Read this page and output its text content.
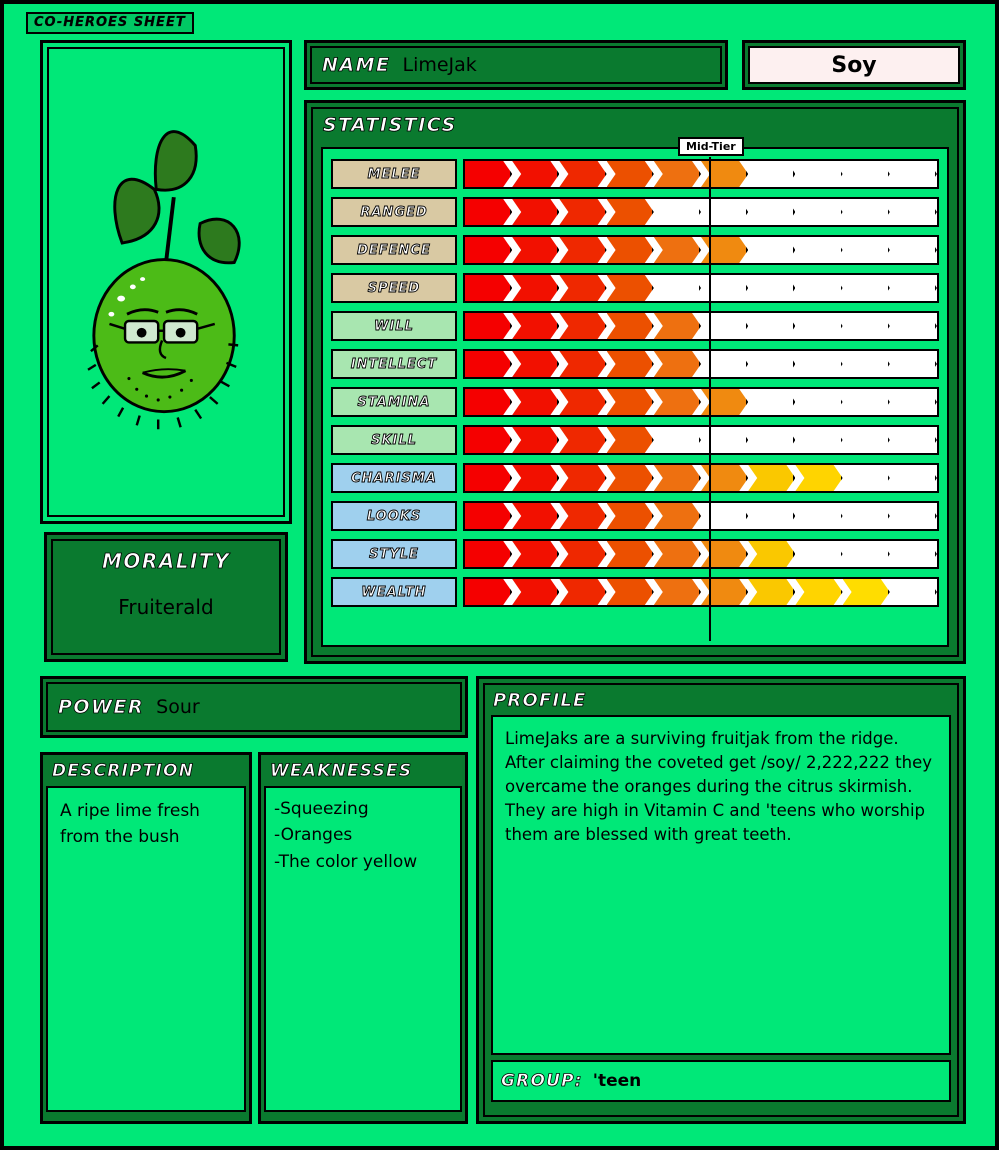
CO-HEROES SHEET
MORALITY
Fruiterald
NAME LimeJak	Soy
STATISTICS
Mid-Tier
MELEE
RANGED
DEFENCE
SPEED
WILL
INTELLECT
STAMINA
SKILL
CHARISMA
LOOKS
STYLE
WEALTH
POWER Sour
DESCRIPTION
A ripe lime fresh from the bush
WEAKNESSES
-Squeezing
-Oranges
-The color yellow
PROFILE
LimeJaks are a surviving fruitjak from the ridge. After claiming the coveted get /soy/ 2,222,222 they overcame the oranges during the citrus skirmish. They are high in Vitamin C and 'teens who worship them are blessed with great teeth.
GROUP: 'teen
